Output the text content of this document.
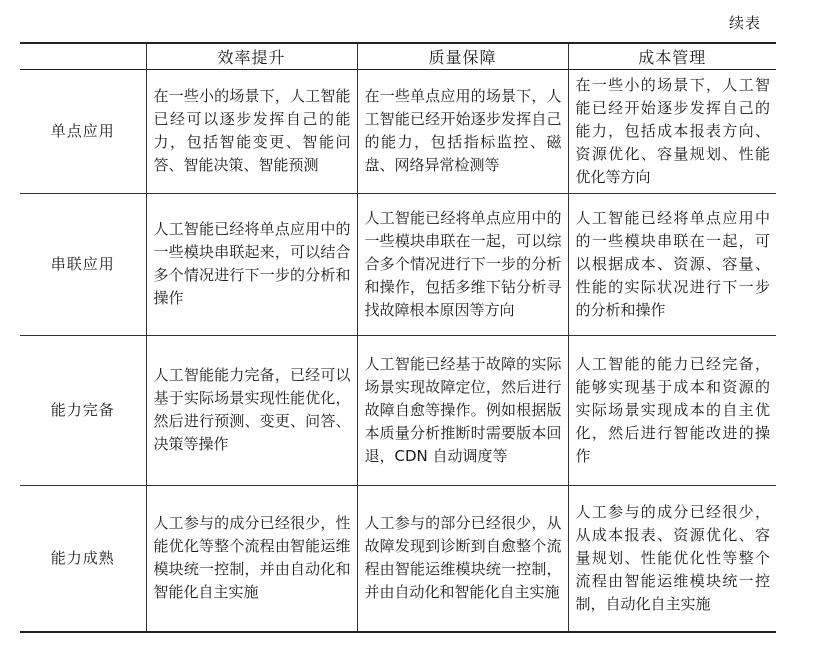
续表
	效率提升	质量保障	成本管理
单点应用	在一些小的场景下，人工智能已经可以逐步发挥自己的能力，包括智能变更、智能问答、智能决策、智能预测	在一些单点应用的场景下，人工智能已经开始逐步发挥自己的能力，包括指标监控、磁盘、网络异常检测等	在一些小的场景下，人工智能已经开始逐步发挥自己的能力，包括成本报表方向、资源优化、容量规划、性能优化等方向

串联应用	人工智能已经将单点应用中的一些模块串联起来，可以结合多个情况进行下一步的分析和操作	人工智能已经将单点应用中的一些模块串联在一起，可以综合多个情况进行下一步的分析和操作，包括多维下钻分析寻找故障根本原因等方向	人工智能已经将单点应用中的一些模块串联在一起，可以根据成本、资源、容量、性能的实际状况进行下一步的分析和操作

能力完备	人工智能能力完备，已经可以基于实际场景实现性能优化，然后进行预测、变更、问答、决策等操作	人工智能已经基于故障的实际场景实现故障定位，然后进行故障自愈等操作。例如根据版本质量分析推断时需要版本回退，CDN 自动调度等	人工智能的能力已经完备，能够实现基于成本和资源的实际场景实现成本的自主优化，然后进行智能改进的操作

能力成熟	人工参与的成分已经很少，性能优化等整个流程由智能运维模块统一控制，并由自动化和智能化自主实施	人工参与的部分已经很少，从故障发现到诊断到自愈整个流程由智能运维模块统一控制，并由自动化和智能化自主实施	人工参与的成分已经很少，从成本报表、资源优化、容量规划、性能优化性等整个流程由智能运维模块统一控制，自动化自主实施
